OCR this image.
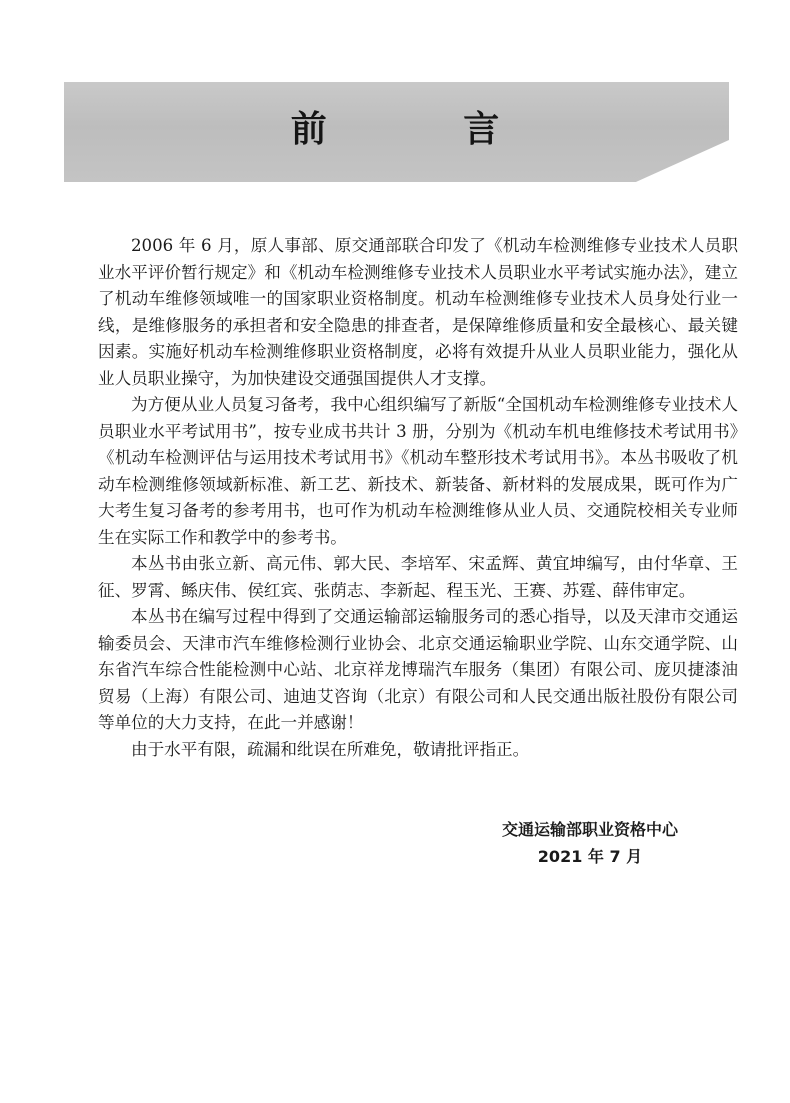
前 言

2006 年 6 月，原人事部、原交通部联合印发了《机动车检测维修专业技术人员职业水平评价暂行规定》和《机动车检测维修专业技术人员职业水平考试实施办法》，建立了机动车维修领域唯一的国家职业资格制度。机动车检测维修专业技术人员身处行业一线，是维修服务的承担者和安全隐患的排查者，是保障维修质量和安全最核心、最关键因素。实施好机动车检测维修职业资格制度，必将有效提升从业人员职业能力，强化从业人员职业操守，为加快建设交通强国提供人才支撑。

为方便从业人员复习备考，我中心组织编写了新版“全国机动车检测维修专业技术人员职业水平考试用书”，按专业成书共计 3 册，分别为《机动车机电维修技术考试用书》《机动车检测评估与运用技术考试用书》《机动车整形技术考试用书》。本丛书吸收了机动车检测维修领域新标准、新工艺、新技术、新装备、新材料的发展成果，既可作为广大考生复习备考的参考用书，也可作为机动车检测维修从业人员、交通院校相关专业师生在实际工作和教学中的参考书。

本丛书由张立新、高元伟、郭大民、李培军、宋孟辉、黄宜坤编写，由付华章、王征、罗霄、鲧庆伟、侯红宾、张荫志、李新起、程玉光、王赛、苏霆、薛伟审定。

本丛书在编写过程中得到了交通运输部运输服务司的悉心指导，以及天津市交通运输委员会、天津市汽车维修检测行业协会、北京交通运输职业学院、山东交通学院、山东省汽车综合性能检测中心站、北京祥龙博瑞汽车服务（集团）有限公司、庞贝捷漆油贸易（上海）有限公司、迪迪艾咨询（北京）有限公司和人民交通出版社股份有限公司等单位的大力支持，在此一并感谢！

由于水平有限，疏漏和纰误在所难免，敬请批评指正。

交通运输部职业资格中心
2021 年 7 月
